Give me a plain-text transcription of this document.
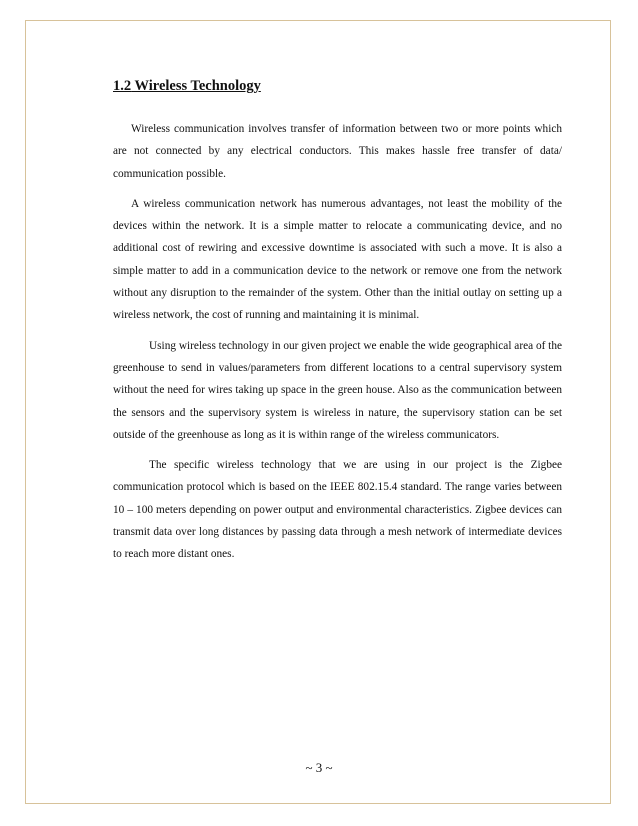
1.2 Wireless Technology

Wireless communication involves transfer of information between two or more points which are not connected by any electrical conductors. This makes hassle free transfer of data/ communication possible.

A wireless communication network has numerous advantages, not least the mobility of the devices within the network. It is a simple matter to relocate a communicating device, and no additional cost of rewiring and excessive downtime is associated with such a move. It is also a simple matter to add in a communication device to the network or remove one from the network without any disruption to the remainder of the system. Other than the initial outlay on setting up a wireless network, the cost of running and maintaining it is minimal.

Using wireless technology in our given project we enable the wide geographical area of the greenhouse to send in values/parameters from different locations to a central supervisory system without the need for wires taking up space in the green house. Also as the communication between the sensors and the supervisory system is wireless in nature, the supervisory station can be set outside of the greenhouse as long as it is within range of the wireless communicators.

The specific wireless technology that we are using in our project is the Zigbee communication protocol which is based on the IEEE 802.15.4 standard. The range varies between 10 – 100 meters depending on power output and environmental characteristics. Zigbee devices can transmit data over long distances by passing data through a mesh network of intermediate devices to reach more distant ones.

~ 3 ~
